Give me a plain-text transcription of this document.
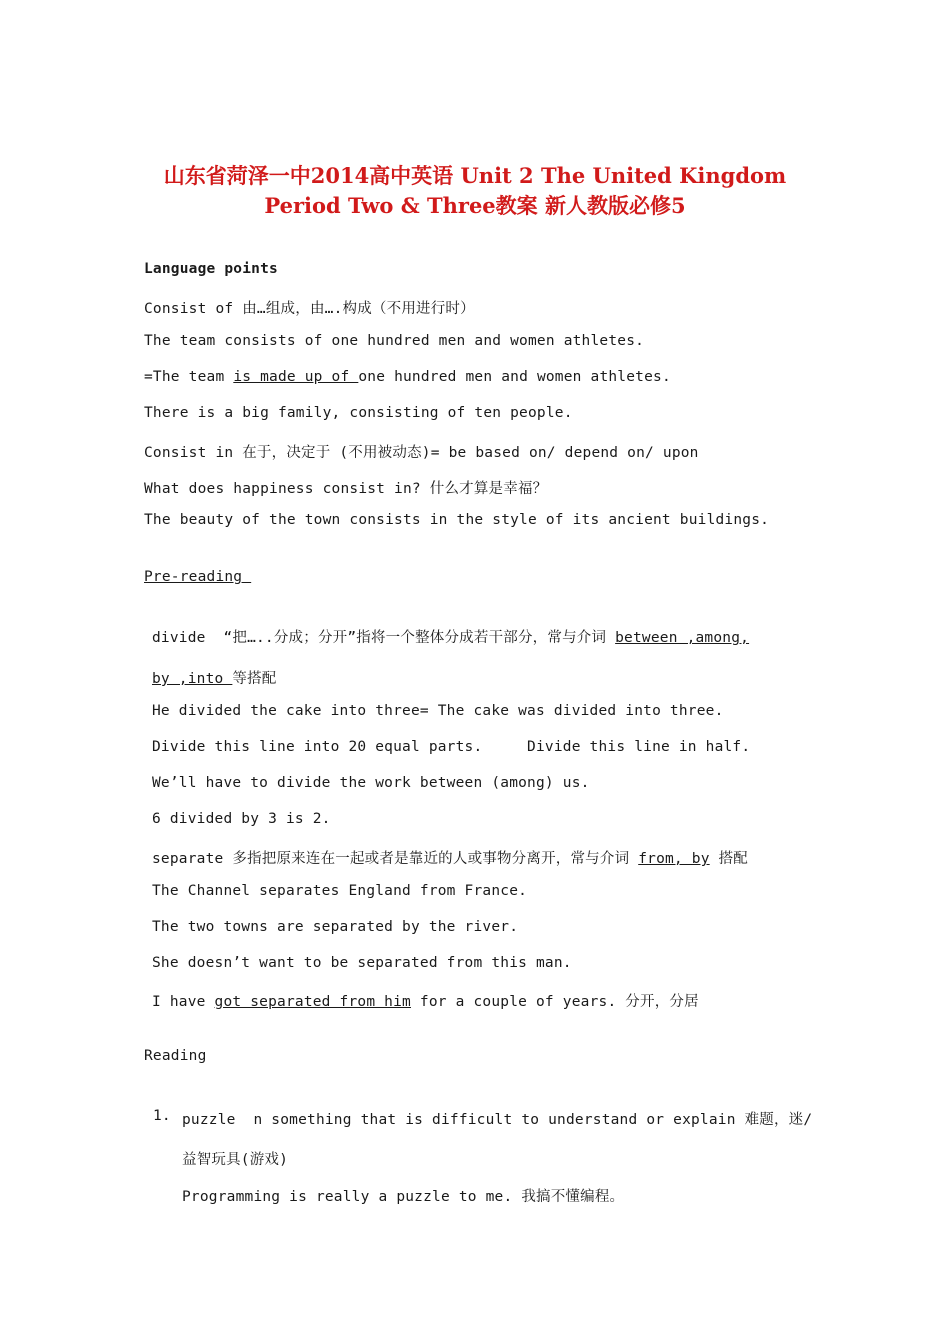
山东省菏泽一中2014高中英语 Unit 2 The United Kingdom
Period Two & Three教案 新人教版必修5
Language points
Consist of 由…组成，由….构成（不用进行时）
The team consists of one hundred men and women athletes.
=The team is made up of one hundred men and women athletes.
There is a big family, consisting of ten people.
Consist in 在于，决定于 (不用被动态)= be based on/ depend on/ upon
What does happiness consist in? 什么才算是幸福？
The beauty of the town consists in the style of its ancient buildings.
Pre-reading
divide  “把…..分成；分开”指将一个整体分成若干部分，常与介词 between ,among,
by ,into 等搭配
He divided the cake into three= The cake was divided into three.
Divide this line into 20 equal parts.     Divide this line in half.
We’ll have to divide the work between (among) us.
6 divided by 3 is 2.
separate 多指把原来连在一起或者是靠近的人或事物分离开，常与介词 from, by 搭配
The Channel separates England from France.
The two towns are separated by the river.
She doesn’t want to be separated from this man.
I have got separated from him for a couple of years. 分开，分居
Reading
1. puzzle  n something that is difficult to understand or explain 难题，迷/
益智玩具(游戏)
Programming is really a puzzle to me. 我搞不懂编程。
